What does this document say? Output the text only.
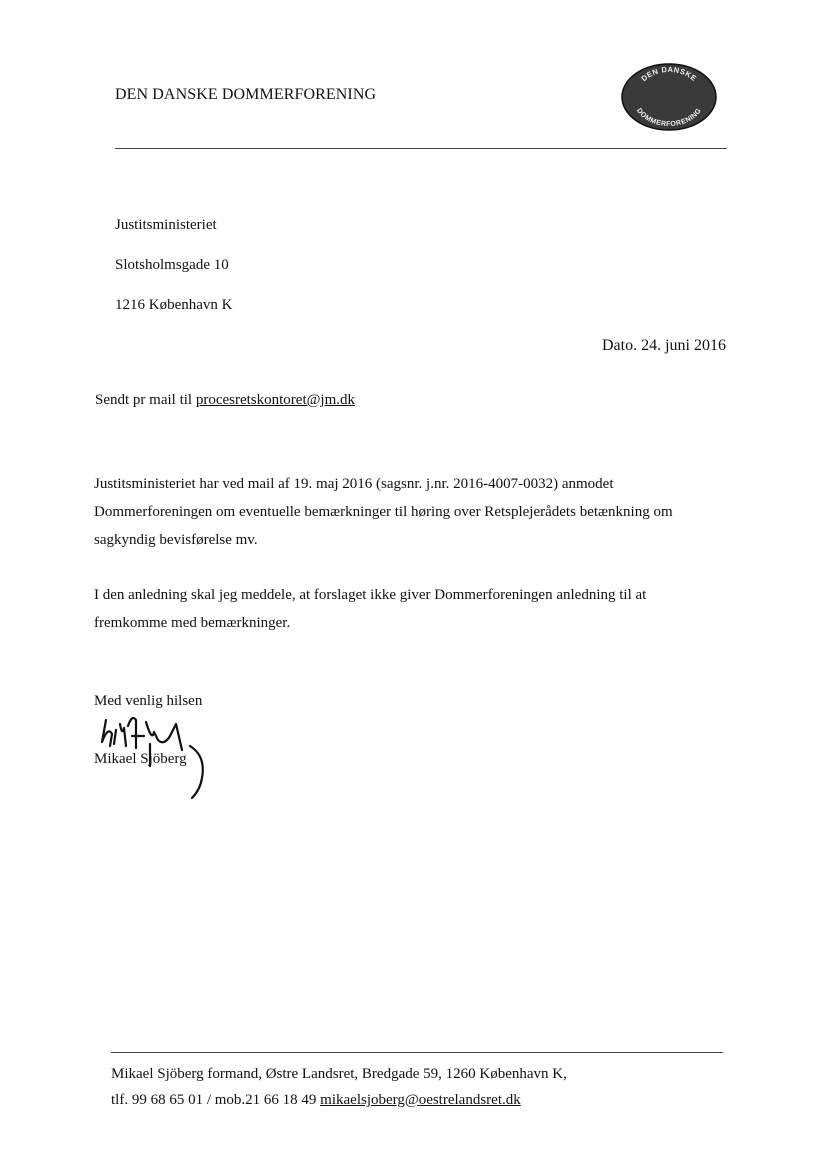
DEN DANSKE DOMMERFORENING
DEN DANSKE
DOMMERFORENING
Justitsministeriet
Slotsholmsgade 10
1216 København K
Dato. 24. juni 2016
Sendt pr mail til procesretskontoret@jm.dk
Justitsministeriet har ved mail af 19. maj 2016 (sagsnr. j.nr. 2016-4007-0032) anmodet
Dommerforeningen om eventuelle bemærkninger til høring over Retsplejerådets betænkning om
sagkyndig bevisførelse mv.
I den anledning skal jeg meddele, at forslaget ikke giver Dommerforeningen anledning til at
fremkomme med bemærkninger.
Med venlig hilsen
Mikael Sjöberg
Mikael Sjöberg formand, Østre Landsret, Bredgade 59, 1260 København K,
tlf. 99 68 65 01 / mob.21 66 18 49 mikaelsjoberg@oestrelandsret.dk
